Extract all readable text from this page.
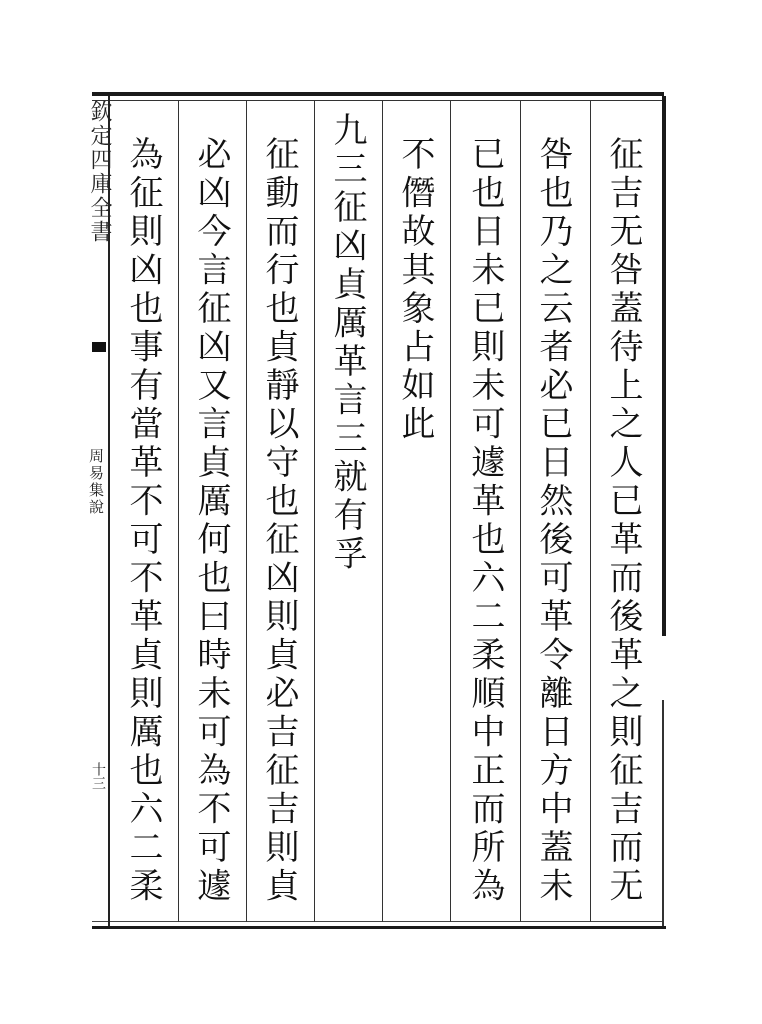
欽定四庫全書
周易集說
十三	征吉无咎蓋待上之人已革而後革之則征吉而无
咎也乃之云者必已日然後可革令離日方中蓋未
已也日未已則未可遽革也六二柔順中正而所為
不僭故其象占如此
九三征凶貞厲革言三就有孚
征動而行也貞靜以守也征凶則貞必吉征吉則貞
必凶今言征凶又言貞厲何也曰時未可為不可遽
為征則凶也事有當革不可不革貞則厲也六二柔
